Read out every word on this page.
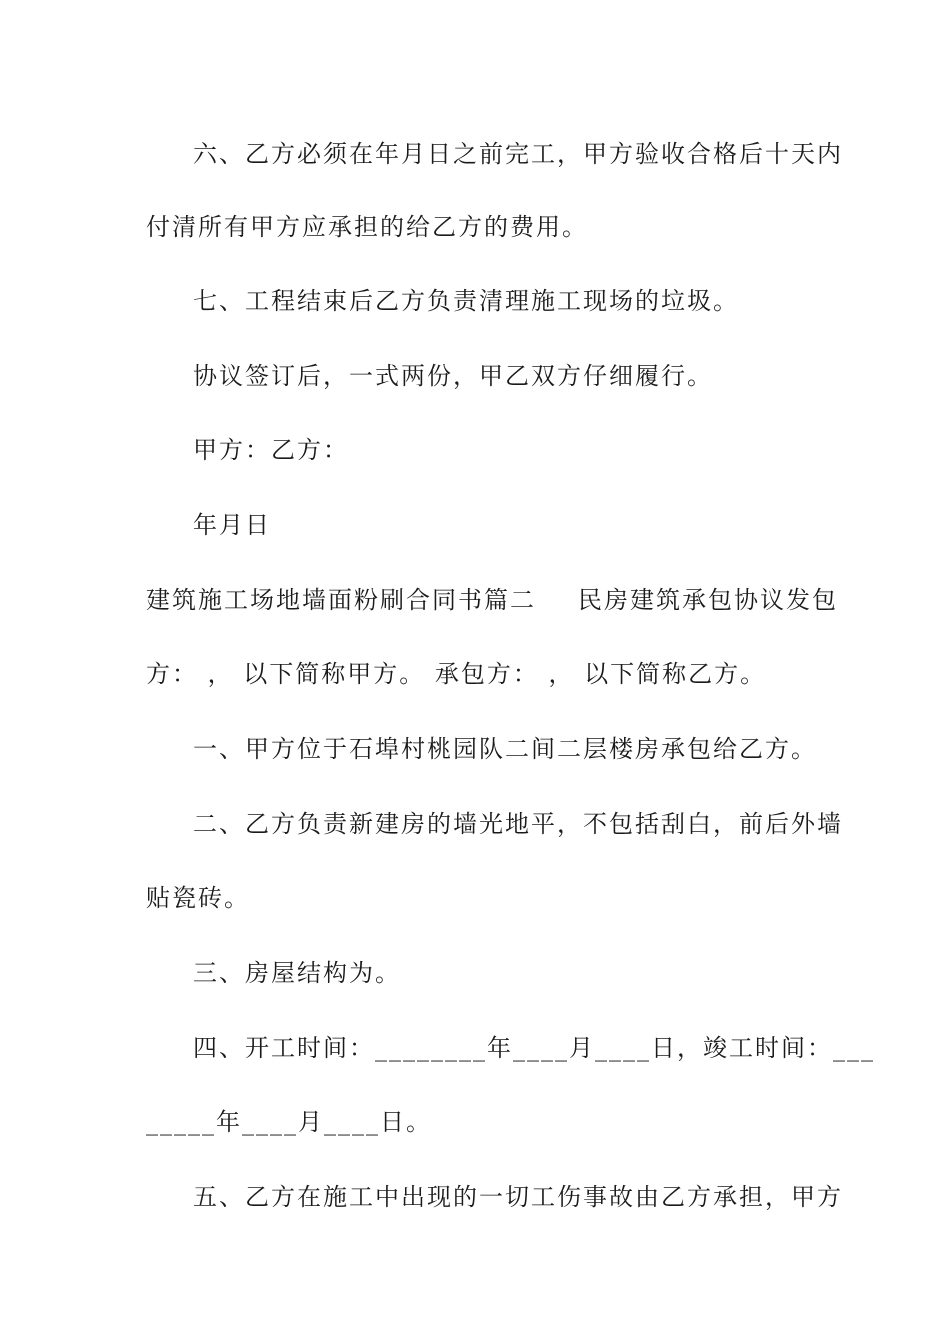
六、乙方必须在年月日之前完工，甲方验收合格后十天内
付清所有甲方应承担的给乙方的费用。
七、工程结束后乙方负责清理施工现场的垃圾。
协议签订后，一式两份，甲乙双方仔细履行。
甲方：乙方：
年月日
建筑施工场地墙面粉刷合同书篇二 民房建筑承包协议发包
方： ， 以下简称甲方。 承包方： ， 以下简称乙方。
一、甲方位于石埠村桃园队二间二层楼房承包给乙方。
二、乙方负责新建房的墙光地平，不包括刮白，前后外墙
贴瓷砖。
三、房屋结构为。
四、开工时间：________年____月____日，竣工时间：___
_____年____月____日。
五、乙方在施工中出现的一切工伤事故由乙方承担，甲方
